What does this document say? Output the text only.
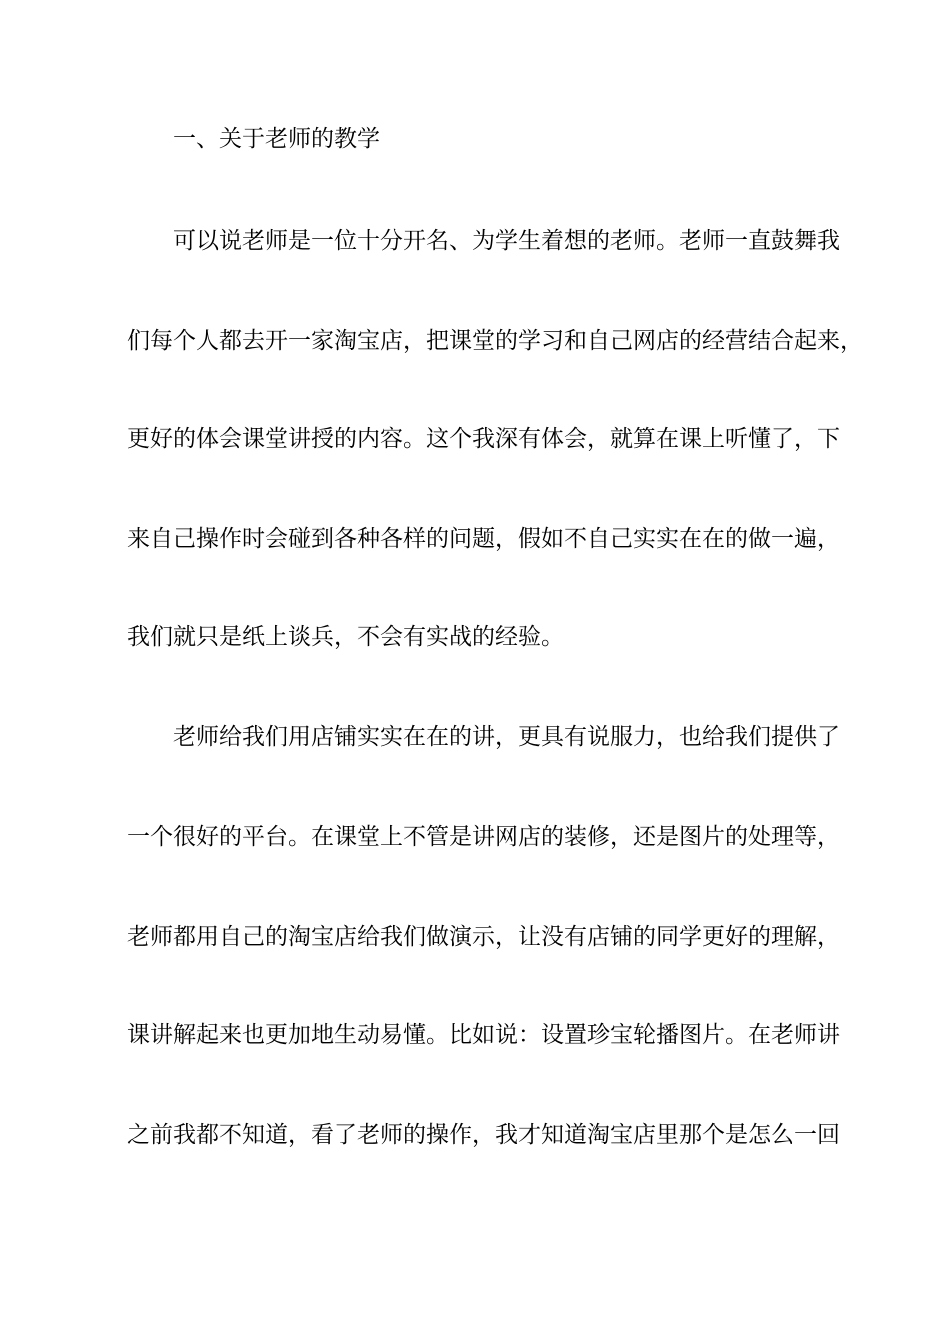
一、关于老师的教学
可以说老师是一位十分开名、为学生着想的老师。老师一直鼓舞我
们每个人都去开一家淘宝店，把课堂的学习和自己网店的经营结合起来，
更好的体会课堂讲授的内容。这个我深有体会，就算在课上听懂了，下
来自己操作时会碰到各种各样的问题，假如不自己实实在在的做一遍，
我们就只是纸上谈兵，不会有实战的经验。
老师给我们用店铺实实在在的讲，更具有说服力，也给我们提供了
一个很好的平台。在课堂上不管是讲网店的装修，还是图片的处理等，
老师都用自己的淘宝店给我们做演示，让没有店铺的同学更好的理解，
课讲解起来也更加地生动易懂。比如说：设置珍宝轮播图片。在老师讲
之前我都不知道，看了老师的操作，我才知道淘宝店里那个是怎么一回
